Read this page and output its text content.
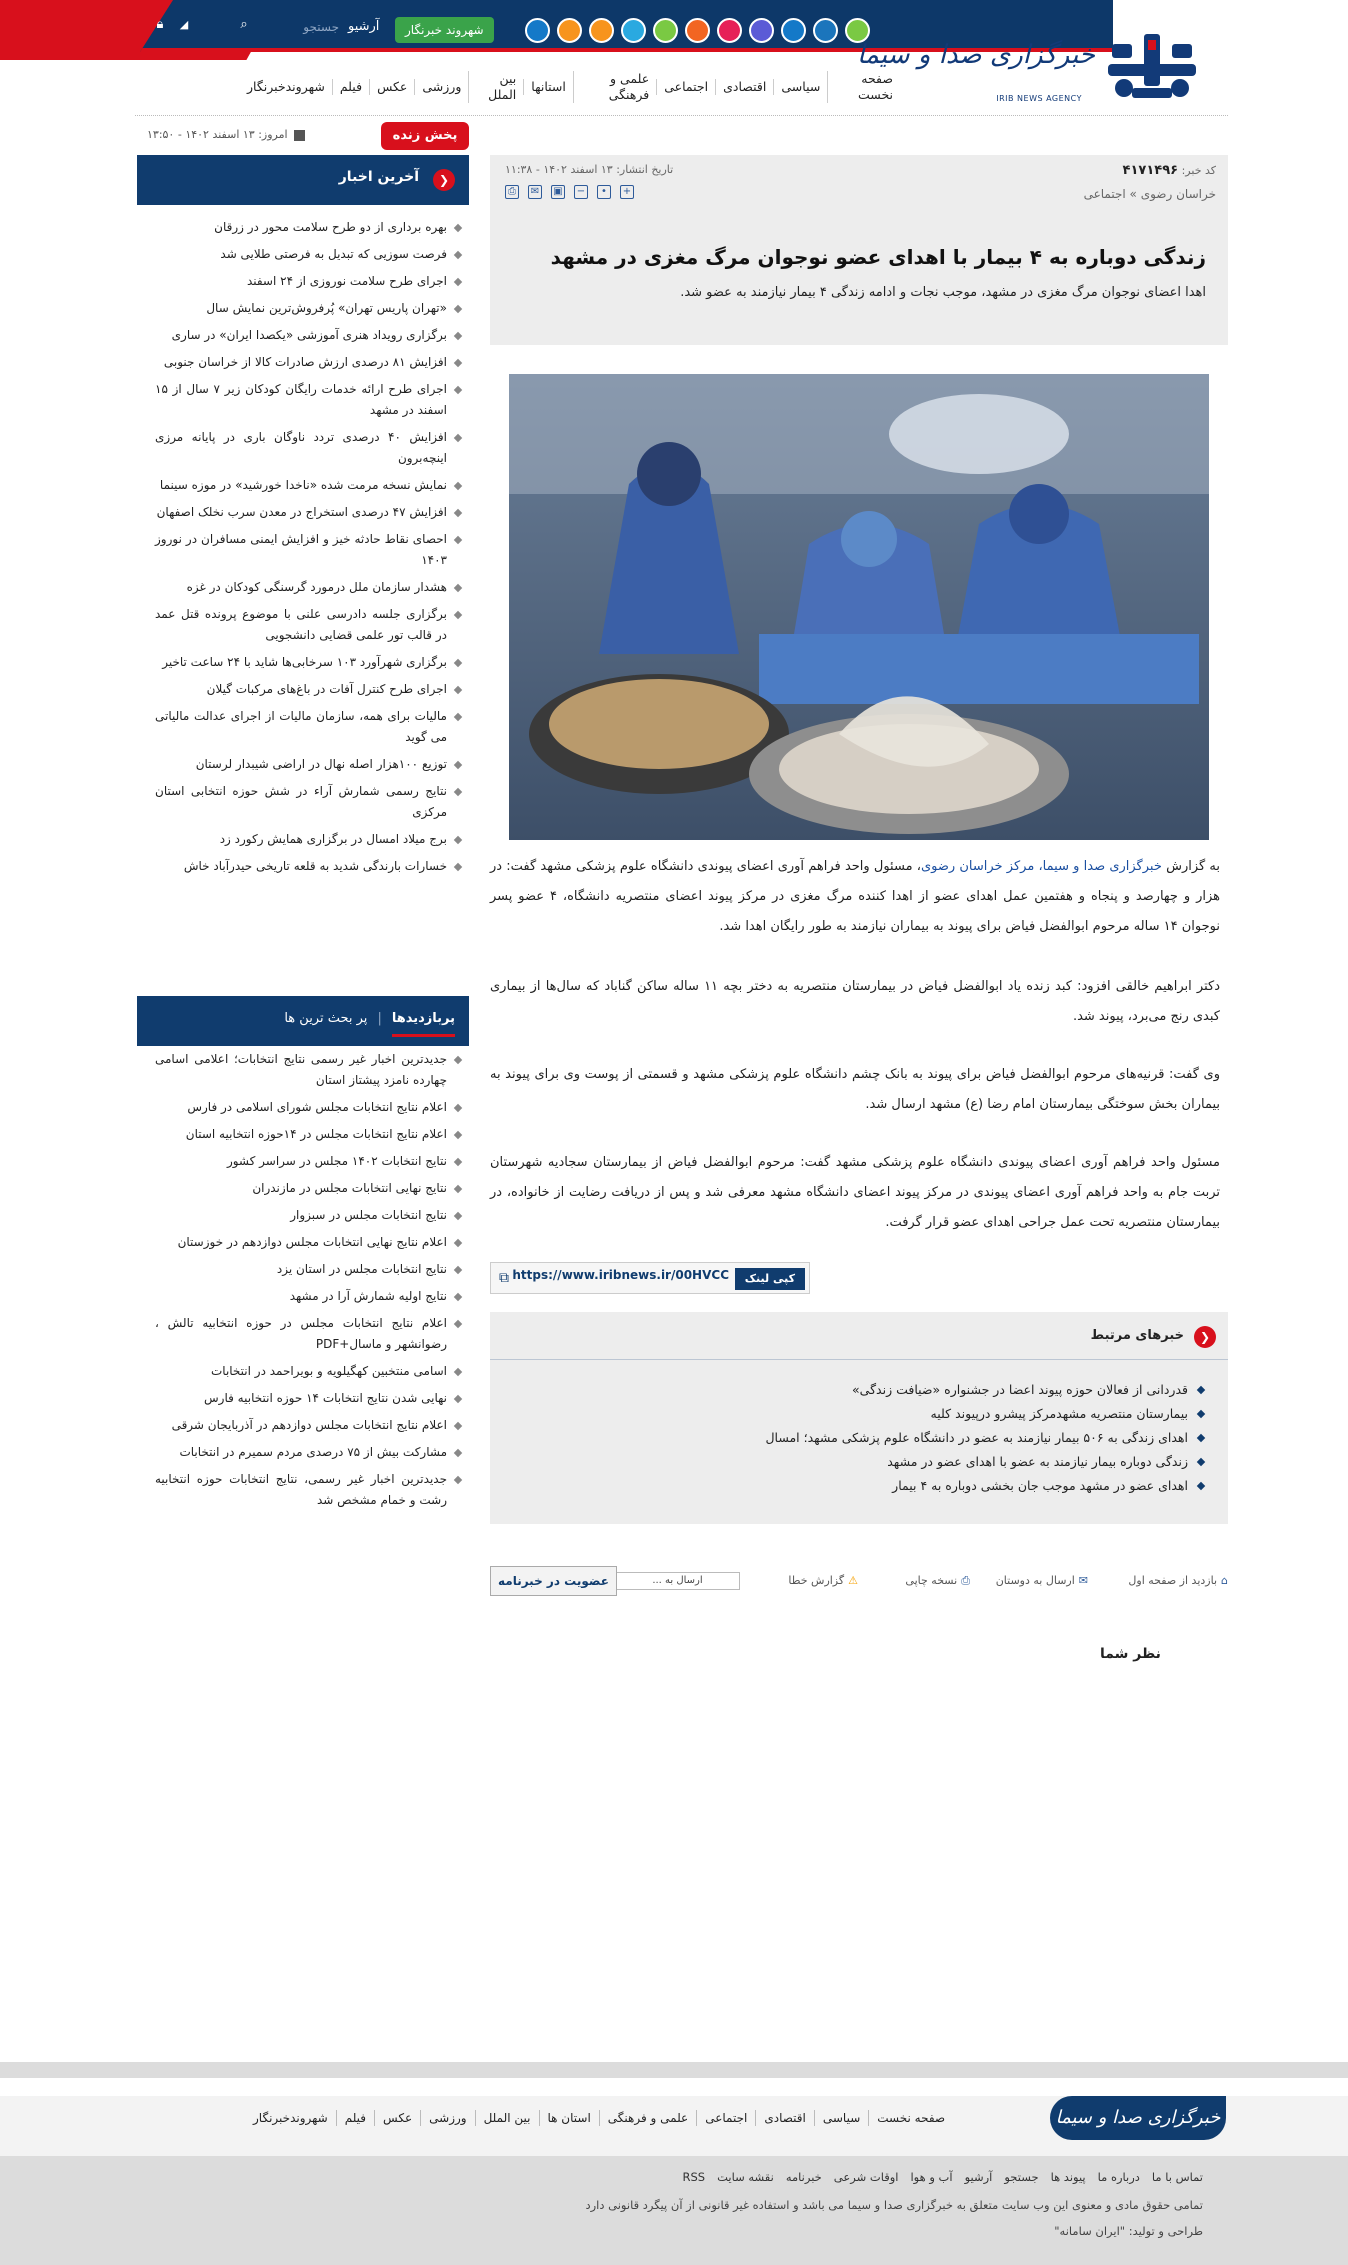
🔒︎	◢	⌕	جستجو آرشیو	شهروند خبرنگار
خبرگزاری صدا و سیما
IRIB NEWS AGENCY
صفحه نخست
سیاسی
اقتصادی
اجتماعی
علمی و فرهنگی
استانها
بین الملل
ورزشی
عکس
فیلم
شهروندخبرنگار
پخش زنده
امروز: ۱۳ اسفند ۱۴۰۲ - ۱۳:۵۰
❮
آخرین اخبار
بهره برداری از دو طرح سلامت محور در زرقان
فرصت سوزیی که تبدیل به فرصتی طلایی شد
اجرای طرح سلامت نوروزی از ۲۴ اسفند
«تهران پاریس تهران» پُرفروش‌ترین نمایش سال
برگزاری رویداد هنری آموزشی «یکصدا ایران» در ساری
افزایش ۸۱ درصدی ارزش صادرات کالا از خراسان جنوبی
اجرای طرح ارائه خدمات رایگان کودکان زیر ۷ سال از ۱۵ اسفند در مشهد
افزایش ۴۰ درصدی تردد ناوگان باری در پایانه مرزی اینچه‌برون
نمایش نسخه مرمت شده «ناخدا خورشید» در موزه سینما
افزایش ۴۷ درصدی استخراج در معدن سرب نخلک اصفهان
احصای نقاط حادثه خیز و افزایش ایمنی مسافران در نوروز ۱۴۰۳
هشدار سازمان ملل درمورد گرسنگی کودکان در غزه
برگزاری جلسه دادرسی علنی با موضوع پرونده قتل عمد در قالب تور علمی قضایی دانشجویی
برگزاری شهرآورد ۱۰۳ سرخابی‌ها شاید با ۲۴ ساعت تاخیر
اجرای طرح کنترل آفات در باغ‌های مرکبات گیلان
مالیات برای همه، سازمان مالیات از اجرای عدالت مالیاتی می گوید
توزیع ۱۰۰هزار اصله نهال در اراضی شیبدار لرستان
نتایج رسمی شمارش آراء در شش حوزه انتخابی استان مرکزی
برج میلاد امسال در برگزاری همایش رکورد زد
خسارات بارندگی شدید به قلعه تاریخی حیدرآباد خاش
پربازدیدها
|
پر بحث ترین ها
جدیدترین اخبار غیر رسمی نتایج انتخابات؛ اعلامی اسامی چهارده نامزد پیشتاز استان
اعلام نتایج انتخابات مجلس شورای اسلامی در فارس
اعلام نتایج انتخابات مجلس در ۱۴حوزه انتخابیه استان
نتایج انتخابات ۱۴۰۲ مجلس در سراسر کشور
نتایج نهایی انتخابات مجلس در مازندران
نتایج انتخابات مجلس در سبزوار
اعلام نتایج نهایی انتخابات مجلس دوازدهم در خوزستان
نتایج انتخابات مجلس در استان یزد
نتایج اولیه شمارش آرا در مشهد
اعلام نتایج انتخابات مجلس در حوزه انتخابیه تالش ، رضوانشهر و ماسال+PDF
اسامی منتخبین کهگیلویه و بویراحمد در انتخابات
نهایی شدن نتایج انتخابات ۱۴ حوزه انتخابیه فارس
اعلام نتایج انتخابات مجلس دوازدهم در آذربایجان شرقی
مشارکت بیش از ۷۵ درصدی مردم سمیرم در انتخابات
جدیدترین اخبار غیر رسمی، نتایج انتخابات حوزه انتخابیه رشت و خمام مشخص شد
کد خبر: ۴۱۷۱۴۹۶
تاریخ انتشار: ۱۳ اسفند ۱۴۰۲ - ۱۱:۳۸
خراسان رضوی » اجتماعی
⎙	✉ ▣ −	•	+
زندگی دوباره به ۴ بیمار با اهدای عضو نوجوان مرگ مغزی در مشهد

اهدا اعضای نوجوان مرگ مغزی در مشهد، موجب نجات و ادامه زندگی ۴ بیمار نیازمند به عضو شد.

به گزارش خبرگزاری صدا و سیما، مرکز خراسان رضوی، مسئول واحد فراهم آوری اعضای پیوندی دانشگاه علوم پزشکی مشهد گفت: در هزار و چهارصد و پنجاه و هفتمین عمل اهدای عضو از اهدا کننده مرگ مغزی در مرکز پیوند اعضای منتصریه دانشگاه، ۴ عضو پسر نوجوان ۱۴ ساله مرحوم ابوالفضل فیاض برای پیوند به بیماران نیازمند به طور رایگان اهدا شد.
دکتر ابراهیم خالقی افزود: کبد زنده یاد ابوالفضل فیاض در بیمارستان منتصریه به دختر بچه ۱۱ ساله ساکن گناباد که سال‌ها از بیماری کبدی رنج می‌برد، پیوند شد.
وی گفت: قرنیه‌های مرحوم ابوالفضل فیاض برای پیوند به بانک چشم دانشگاه علوم پزشکی مشهد و قسمتی از پوست وی برای پیوند به بیماران بخش سوختگی بیمارستان امام رضا (ع) مشهد ارسال شد.
مسئول واحد فراهم آوری اعضای پیوندی دانشگاه علوم پزشکی مشهد گفت: مرحوم ابوالفضل فیاض از بیمارستان سجادیه شهرستان تربت جام به واحد فراهم آوری اعضای پیوندی در مرکز پیوند اعضای دانشگاه مشهد معرفی شد و پس از دریافت رضایت از خانواده، در بیمارستان منتصریه تحت عمل جراحی اهدای عضو قرار گرفت.
کپی لینک
https://www.iribnews.ir/00HVCC
⧉
❮
خبرهای مرتبط
قدردانی از فعالان حوزه پیوند اعضا در جشنواره «ضیافت زندگی»
بیمارستان منتصریه مشهدمرکز پیشرو درپیوند کلیه
اهدای زندگی به ۵۰۶ بیمار نیازمند به عضو در دانشگاه علوم پزشکی مشهد؛ امسال
زندگی دوباره بیمار نیازمند به عضو با اهدای عضو در مشهد
اهدای عضو در مشهد موجب جان بخشی دوباره به ۴ بیمار
⌂بازدید از صفحه اول
✉ارسال به دوستان
⎙نسخه چاپی
⚠گزارش خطا
ارسال به ...
عضویت در خبرنامه
نظر شما
خبرگزاری صدا و سیما
صفحه نخست
سیاسی
اقتصادی
اجتماعی
علمی و فرهنگی
استان ها
بین الملل
ورزشی
عکس
فیلم
شهروندخبرنگار
تماس با ما
درباره ما
پیوند ها
جستجو
آرشیو
آب و هوا
اوقات شرعی
خبرنامه
نقشه سایت
RSS
تمامی حقوق مادی و معنوی این وب سایت متعلق به خبرگزاری صدا و سیما می باشد و استفاده غیر قانونی از آن پیگرد قانونی دارد
طراحی و تولید: "ایران سامانه"
